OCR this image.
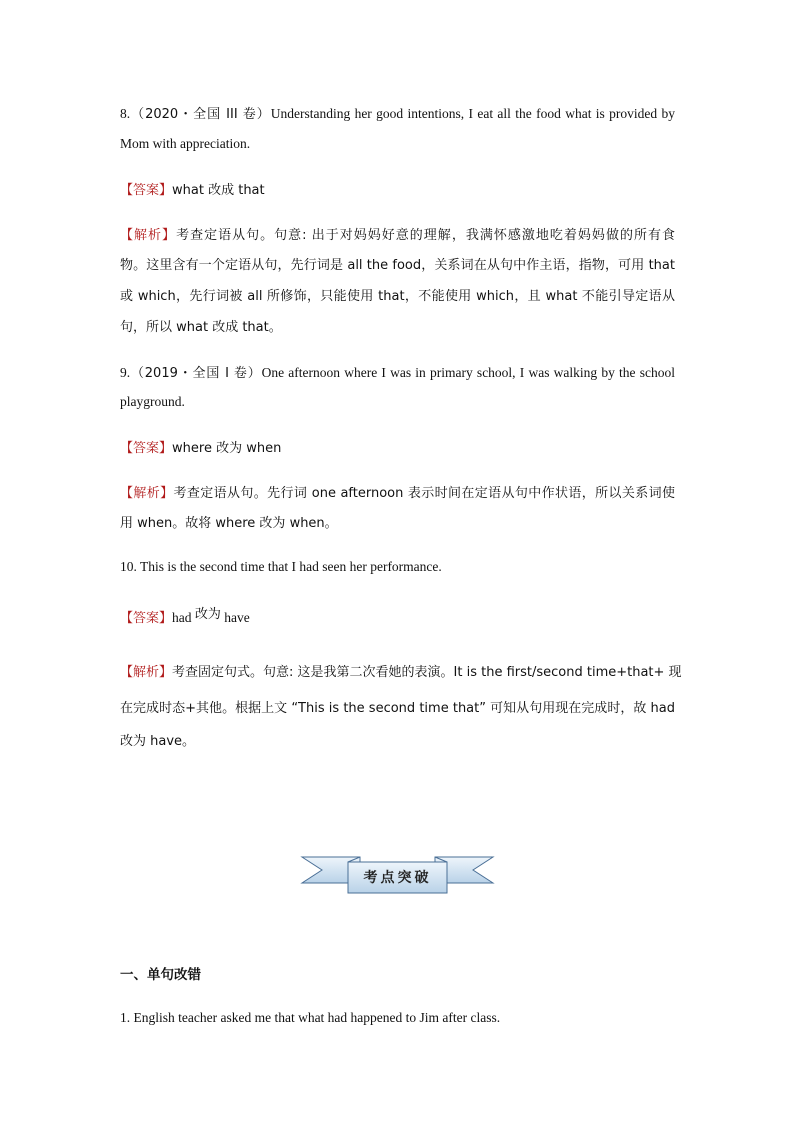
8.（2020・全国 III 卷）Understanding her good intentions, I eat all the food what is provided by
Mom with appreciation.
【答案】what 改成 that
【解析】考查定语从句。句意: 出于对妈妈好意的理解，我满怀感激地吃着妈妈做的所有食
物。这里含有一个定语从句，先行词是 all the food，关系词在从句中作主语，指物，可用 that
或 which，先行词被 all 所修饰，只能使用 that，不能使用 which，且 what 不能引导定语从
句，所以 what 改成 that。
9.（2019・全国 I 卷）One afternoon where I was in primary school, I was walking by the school
playground.
【答案】where 改为 when
【解析】考查定语从句。先行词 one afternoon 表示时间在定语从句中作状语，所以关系词使
用 when。故将 where 改为 when。
10. This is the second time that I had seen her performance.
【答案】had 改为 have
【解析】考查固定句式。句意: 这是我第二次看她的表演。It is the first/second time+that+ 现
在完成时态+其他。根据上文 “This is the second time that” 可知从句用现在完成时，故 had
改为 have。
考点突破
一、单句改错
1. English teacher asked me that what had happened to Jim after class.
